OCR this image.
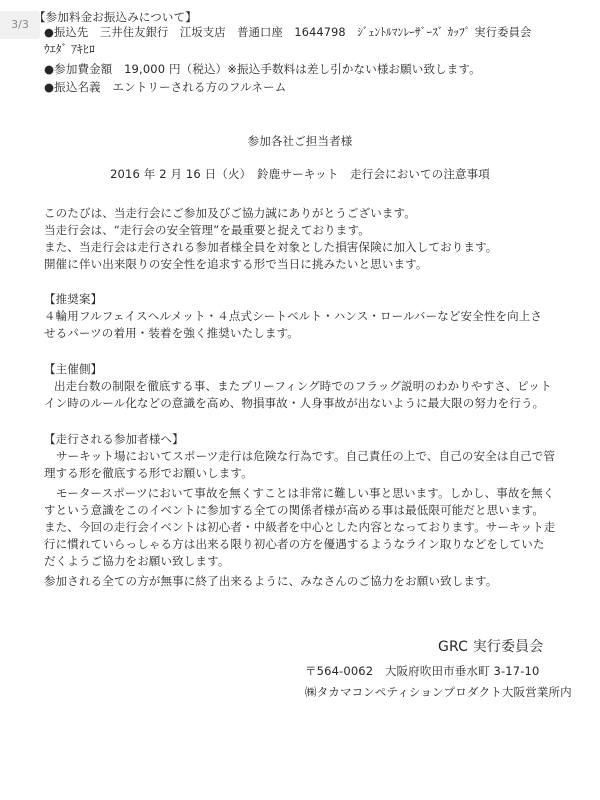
3/3
【参加料金お振込みについて】
●振込先　三井住友銀行　江坂支店　普通口座　1644798　ｼﾞｪﾝﾄﾙﾏﾝﾚｰｻﾞｰｽﾞ ｶｯﾌﾟ 実行委員会
ｳｴﾀﾞ ｱｷﾋﾛ
●参加費金額　19,000 円（税込）※振込手数料は差し引かない様お願い致します。
●振込名義　エントリーされる方のフルネーム
参加各社ご担当者様
2016 年 2 月 16 日（火）　鈴鹿サーキット　走行会においての注意事項
このたびは、当走行会にご参加及びご協力誠にありがとうございます。
当走行会は、“走行会の安全管理”を最重要と捉えております。
また、当走行会は走行される参加者様全員を対象とした損害保険に加入しております。
開催に伴い出来限りの安全性を追求する形で当日に挑みたいと思います。
【推奨案】
４輪用フルフェイスヘルメット・４点式シートベルト・ハンス・ロールバーなど安全性を向上さ
せるパーツの着用・装着を強く推奨いたします。
【主催側】
出走台数の制限を徹底する事、またブリーフィング時でのフラッグ説明のわかりやすさ、ピット
イン時のルール化などの意識を高め、物損事故・人身事故が出ないように最大限の努力を行う。
【走行される参加者様へ】
サーキット場においてスポーツ走行は危険な行為です。自己責任の上で、自己の安全は自己で管
理する形を徹底する形でお願いします。
モータースポーツにおいて事故を無くすことは非常に難しい事と思います。しかし、事故を無く
すという意識をこのイベントに参加する全ての関係者様が高める事は最低限可能だと思います。
また、今回の走行会イベントは初心者・中級者を中心とした内容となっております。サーキット走
行に慣れていらっしゃる方は出来る限り初心者の方を優遇するようなライン取りなどをしていた
だくようご協力をお願い致します。
参加される全ての方が無事に終了出来るように、みなさんのご協力をお願い致します。
GRC 実行委員会
〒564-0062　大阪府吹田市垂水町 3-17-10
㈱タカマコンペティションプロダクト大阪営業所内
